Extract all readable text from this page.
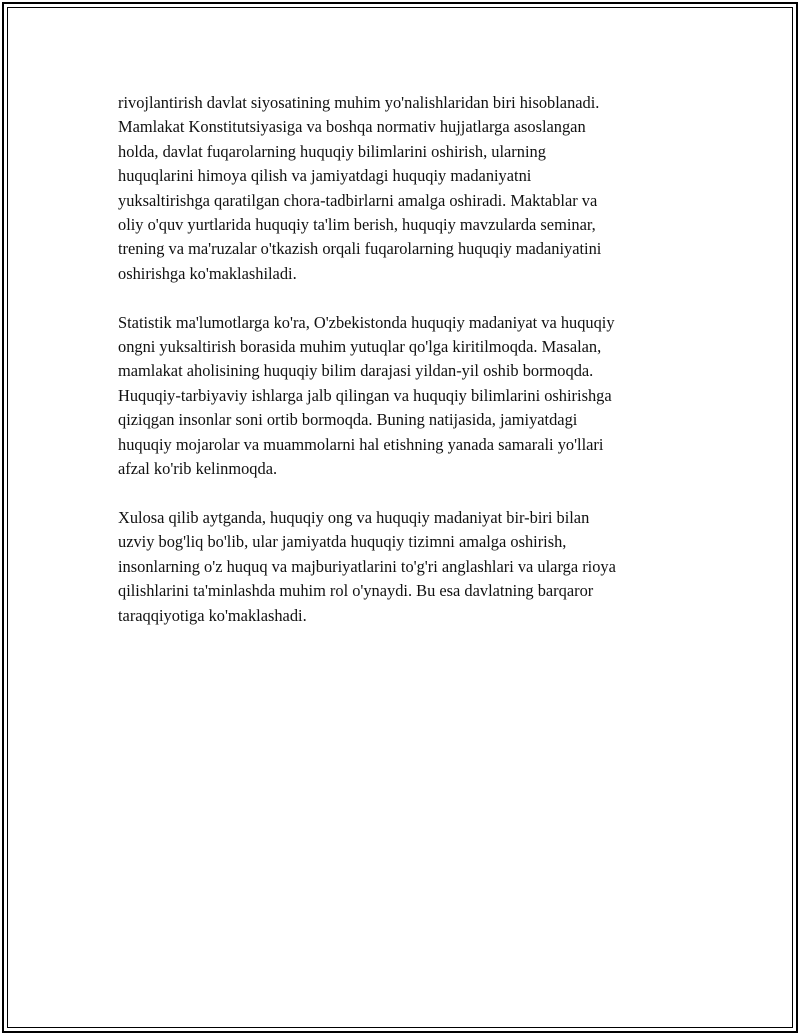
rivojlantirish davlat siyosatining muhim yo'nalishlaridan biri hisoblanadi.
Mamlakat Konstitutsiyasiga va boshqa normativ hujjatlarga asoslangan
holda, davlat fuqarolarning huquqiy bilimlarini oshirish, ularning
huquqlarini himoya qilish va jamiyatdagi huquqiy madaniyatni
yuksaltirishga qaratilgan chora-tadbirlarni amalga oshiradi. Maktablar va
oliy o'quv yurtlarida huquqiy ta'lim berish, huquqiy mavzularda seminar,
trening va ma'ruzalar o'tkazish orqali fuqarolarning huquqiy madaniyatini
oshirishga ko'maklashiladi.

Statistik ma'lumotlarga ko'ra, O'zbekistonda huquqiy madaniyat va huquqiy
ongni yuksaltirish borasida muhim yutuqlar qo'lga kiritilmoqda. Masalan,
mamlakat aholisining huquqiy bilim darajasi yildan-yil oshib bormoqda.
Huquqiy-tarbiyaviy ishlarga jalb qilingan va huquqiy bilimlarini oshirishga
qiziqgan insonlar soni ortib bormoqda. Buning natijasida, jamiyatdagi
huquqiy mojarolar va muammolarni hal etishning yanada samarali yo'llari
afzal ko'rib kelinmoqda.

Xulosa qilib aytganda, huquqiy ong va huquqiy madaniyat bir-biri bilan
uzviy bog'liq bo'lib, ular jamiyatda huquqiy tizimni amalga oshirish,
insonlarning o'z huquq va majburiyatlarini to'g'ri anglashlari va ularga rioya
qilishlarini ta'minlashda muhim rol o'ynaydi. Bu esa davlatning barqaror
taraqqiyotiga ko'maklashadi.
